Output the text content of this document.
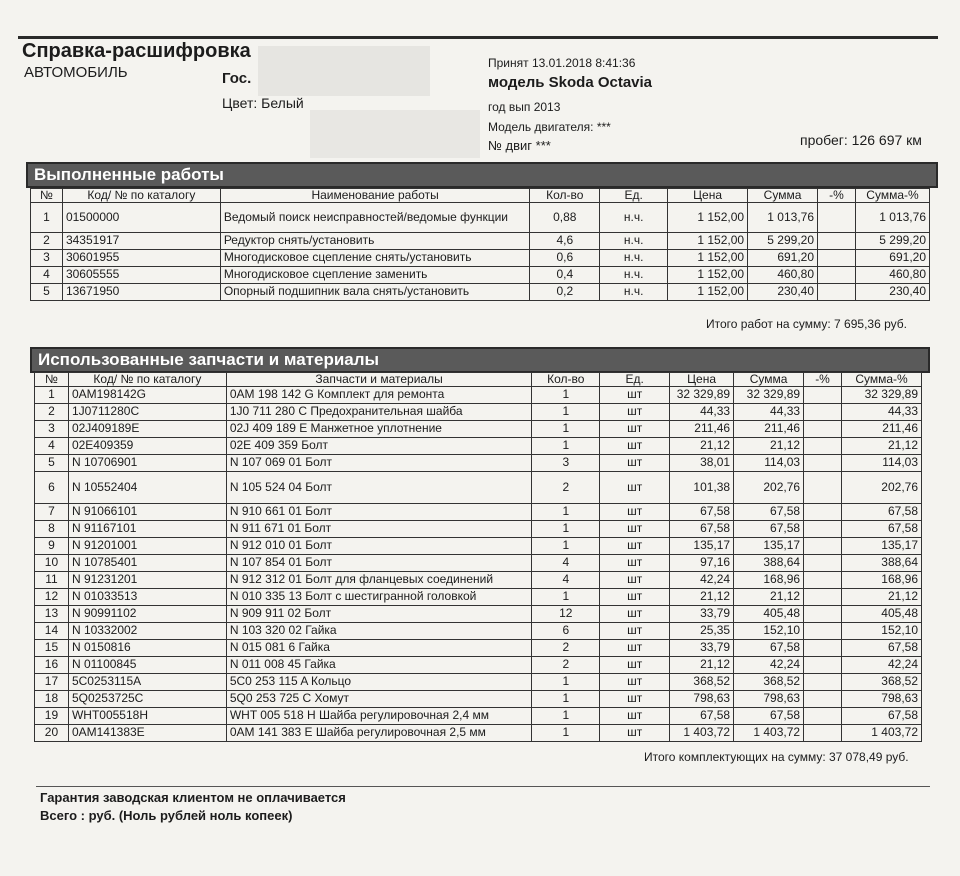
Справка-расшифровка
АВТОМОБИЛЬ	Гос.
Цвет: Белый
Принят 13.01.2018 8:41:36
модель Skoda Octavia
год вып 2013
Модель двигателя: ***
№ двиг ***	пробег: 126 697 км
Выполненные работы
№	Код/ № по каталогу	Наименование работы	Кол-во	Ед.	Цена	Сумма	-%	Сумма-%
1	01500000	Ведомый поиск неисправностей/ведомые функции	0,88	н.ч.	1 152,00	1 013,76		1 013,76
2	34351917	Редуктор снять/установить	4,6	н.ч.	1 152,00	5 299,20		5 299,20
3	30601955	Многодисковое сцепление снять/установить	0,6	н.ч.	1 152,00	691,20		691,20
4	30605555	Многодисковое сцепление заменить	0,4	н.ч.	1 152,00	460,80		460,80
5	13671950	Опорный подшипник вала снять/установить	0,2	н.ч.	1 152,00	230,40		230,40
Итого работ на сумму: 7 695,36 руб.
Использованные запчасти и материалы
№	Код/ № по каталогу	Запчасти и материалы	Кол-во	Ед.	Цена	Сумма	-%	Сумма-%
1	0AM198142G	0AM 198 142 G Комплект для ремонта	1	шт	32 329,89	32 329,89		32 329,89
2	1J0711280C	1J0 711 280 C Предохранительная шайба	1	шт	44,33	44,33		44,33
3	02J409189E	02J 409 189 E Манжетное уплотнение	1	шт	211,46	211,46		211,46
4	02E409359	02E 409 359 Болт	1	шт	21,12	21,12		21,12
5	N 10706901	N 107 069 01 Болт	3	шт	38,01	114,03		114,03
6	N 10552404	N 105 524 04 Болт	2	шт	101,38	202,76		202,76
7	N 91066101	N 910 661 01 Болт	1	шт	67,58	67,58		67,58
8	N 91167101	N 911 671 01 Болт	1	шт	67,58	67,58		67,58
9	N 91201001	N 912 010 01 Болт	1	шт	135,17	135,17		135,17
10	N 10785401	N 107 854 01 Болт	4	шт	97,16	388,64		388,64
11	N 91231201	N 912 312 01 Болт для фланцевых соединений	4	шт	42,24	168,96		168,96
12	N 01033513	N 010 335 13 Болт с шестигранной головкой	1	шт	21,12	21,12		21,12
13	N 90991102	N 909 911 02 Болт	12	шт	33,79	405,48		405,48
14	N 10332002	N 103 320 02 Гайка	6	шт	25,35	152,10		152,10
15	N 0150816	N 015 081 6 Гайка	2	шт	33,79	67,58		67,58
16	N 01100845	N 011 008 45 Гайка	2	шт	21,12	42,24		42,24
17	5C0253115A	5C0 253 115 A Кольцо	1	шт	368,52	368,52		368,52
18	5Q0253725C	5Q0 253 725 C Хомут	1	шт	798,63	798,63		798,63
19	WHT005518H	WHT 005 518 H Шайба регулировочная 2,4 мм	1	шт	67,58	67,58		67,58
20	0AM141383E	0AM 141 383 E Шайба регулировочная 2,5 мм	1	шт	1 403,72	1 403,72		1 403,72
Итого комплектующих на сумму: 37 078,49 руб.
Гарантия заводская клиентом не оплачивается
Всего : руб. (Ноль рублей ноль копеек)
